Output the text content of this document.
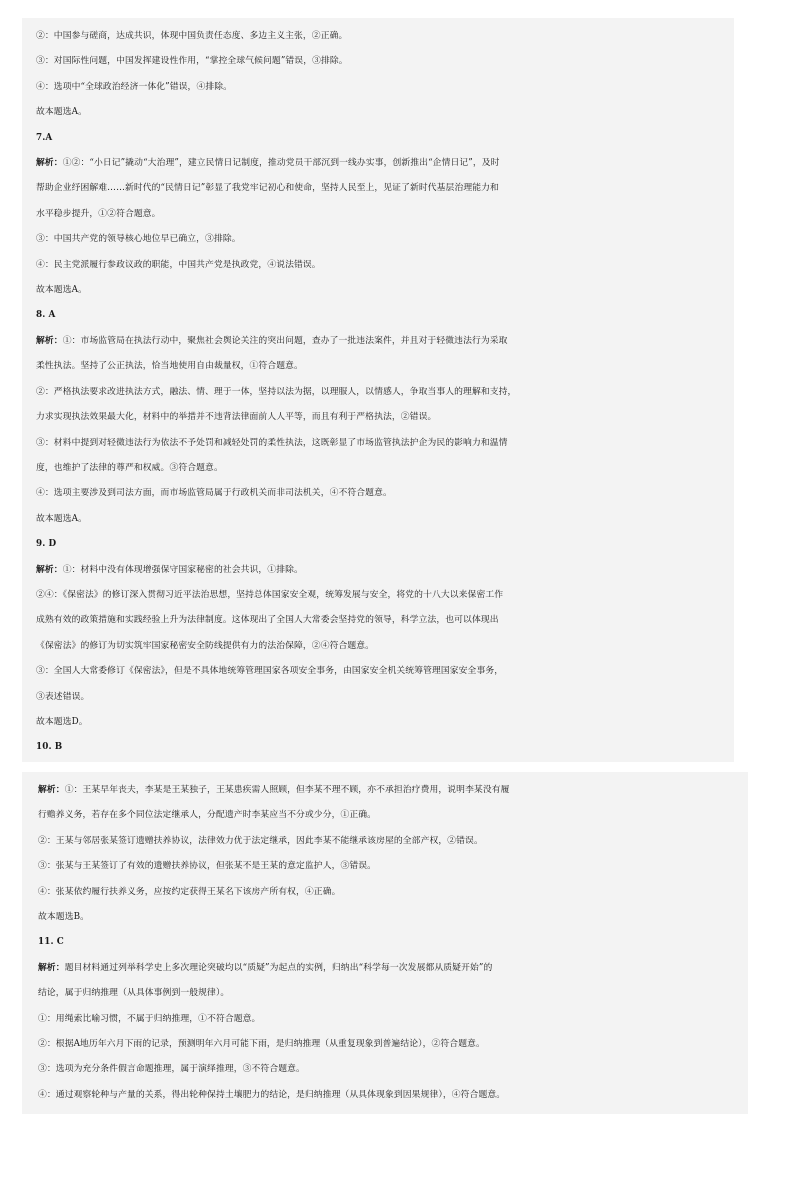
②：中国参与磋商，达成共识，体现中国负责任态度、多边主义主张，②正确。
③：对国际性问题，中国发挥建设性作用，“掌控全球气候问题”错误，③排除。
④：选项中“全球政治经济一体化”错误，④排除。
故本题选A。
7.A
解析：①②：“小日记”撬动“大治理”，建立民情日记制度，推动党员干部沉到一线办实事，创新推出“企情日记”，及时
帮助企业纾困解难……新时代的“民情日记”彰显了我党牢记初心和使命，坚持人民至上，见证了新时代基层治理能力和
水平稳步提升，①②符合题意。
③：中国共产党的领导核心地位早已确立，③排除。
④：民主党派履行参政议政的职能，中国共产党是执政党，④说法错误。
故本题选A。
8. A
解析：①：市场监管局在执法行动中，聚焦社会舆论关注的突出问题，查办了一批违法案件，并且对于轻微违法行为采取
柔性执法。坚持了公正执法，恰当地使用自由裁量权，①符合题意。
②：严格执法要求改进执法方式，融法、情、理于一体，坚持以法为据，以理服人，以情感人，争取当事人的理解和支持，
力求实现执法效果最大化，材料中的举措并不违背法律面前人人平等，而且有利于严格执法，②错误。
③：材料中提到对轻微违法行为依法不予处罚和减轻处罚的柔性执法，这既彰显了市场监管执法护企为民的影响力和温情
度，也维护了法律的尊严和权威。③符合题意。
④：选项主要涉及到司法方面，而市场监管局属于行政机关而非司法机关，④不符合题意。
故本题选A。
9. D
解析：①：材料中没有体现增强保守国家秘密的社会共识，①排除。
②④：《保密法》的修订深入贯彻习近平法治思想，坚持总体国家安全观，统筹发展与安全，将党的十八大以来保密工作
成熟有效的政策措施和实践经验上升为法律制度。这体现出了全国人大常委会坚持党的领导，科学立法，也可以体现出
《保密法》的修订为切实筑牢国家秘密安全防线提供有力的法治保障，②④符合题意。
③：全国人大常委修订《保密法》，但是不具体地统筹管理国家各项安全事务，由国家安全机关统筹管理国家安全事务，
③表述错误。
故本题选D。
10. B
解析：①：王某早年丧夫，李某是王某独子，王某患疾需人照顾，但李某不理不顾，亦不承担治疗费用，说明李某没有履
行赡养义务，若存在多个同位法定继承人，分配遗产时李某应当不分或少分，①正确。
②：王某与邻居张某签订遗赠扶养协议，法律效力优于法定继承，因此李某不能继承该房屋的全部产权，②错误。
③：张某与王某签订了有效的遗赠扶养协议，但张某不是王某的意定监护人，③错误。
④：张某依约履行扶养义务，应按约定获得王某名下该房产所有权，④正确。
故本题选B。
11. C
解析：题目材料通过列举科学史上多次理论突破均以“质疑”为起点的实例，归纳出“科学每一次发展都从质疑开始”的
结论，属于归纳推理（从具体事例到一般规律）。
①：用绳索比喻习惯，不属于归纳推理，①不符合题意。
②：根据A地历年六月下雨的记录，预测明年六月可能下雨，是归纳推理（从重复现象到普遍结论），②符合题意。
③：选项为充分条件假言命题推理，属于演绎推理，③不符合题意。
④：通过观察轮种与产量的关系，得出轮种保持土壤肥力的结论，是归纳推理（从具体现象到因果规律），④符合题意。
